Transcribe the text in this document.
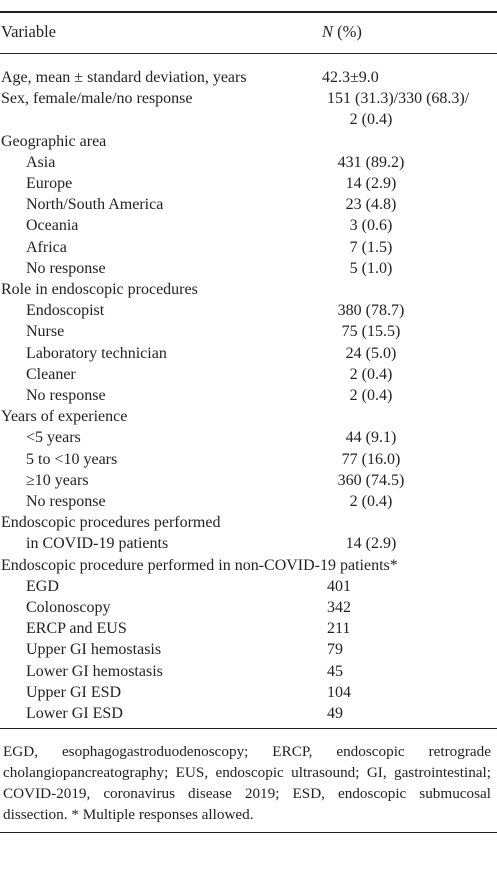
Variable	N (%)
Age, mean ± standard deviation, years	42.3±9.0
Sex, female/male/no response	151 (31.3)/330 (68.3)/
2 (0.4)
Geographic area
Asia	431 (89.2)
Europe	14 (2.9)
North/South America	23 (4.8)
Oceania	3 (0.6)
Africa	7 (1.5)
No response	5 (1.0)
Role in endoscopic procedures
Endoscopist	380 (78.7)
Nurse	75 (15.5)
Laboratory technician	24 (5.0)
Cleaner	2 (0.4)
No response	2 (0.4)
Years of experience
<5 years	44 (9.1)
5 to <10 years	77 (16.0)
≥10 years	360 (74.5)
No response	2 (0.4)
Endoscopic procedures performed
in COVID-19 patients	14 (2.9)
Endoscopic procedure performed in non-COVID-19 patients*
EGD	401
Colonoscopy	342
ERCP and EUS	211
Upper GI hemostasis	79
Lower GI hemostasis	45
Upper GI ESD	104
Lower GI ESD	49
EGD, esophagogastroduodenoscopy; ERCP, endoscopic retrograde cholangiopancreatography; EUS, endoscopic ultrasound; GI, gastrointestinal; COVID-2019, coronavirus disease 2019; ESD, endoscopic submucosal dissection. * Multiple responses allowed.
